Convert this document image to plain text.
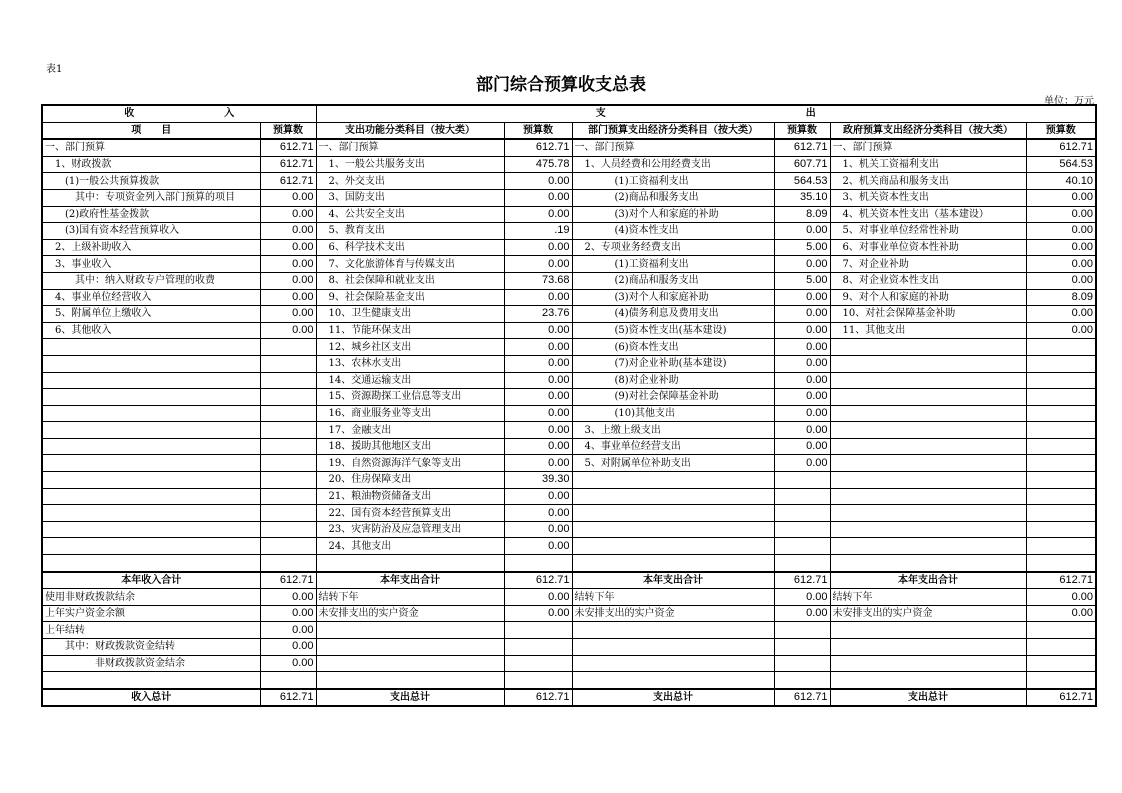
表1
部门综合预算收支总表
单位：万元
收　　　　　　　　　入		支　　　　　　　　　　　　　　　　　　　　出					
项　　目	预算数	支出功能分类科目（按大类）	预算数	部门预算支出经济分类科目（按大类）	预算数	政府预算支出经济分类科目（按大类）	预算数
一、部门预算	612.71	一、部门预算	612.71	一、部门预算	612.71	一、部门预算	612.71
　1、财政拨款	612.71	　1、一般公共服务支出	475.78	　1、人员经费和公用经费支出	607.71	　1、机关工资福利支出	564.53
　　(1)一般公共预算拨款	612.71	　2、外交支出	0.00	　　　　(1)工资福利支出	564.53	　2、机关商品和服务支出	40.10
　　　其中：专项资金列入部门预算的项目	0.00	　3、国防支出	0.00	　　　　(2)商品和服务支出	35.10	　3、机关资本性支出	0.00
　　(2)政府性基金拨款	0.00	　4、公共安全支出	0.00	　　　　(3)对个人和家庭的补助	8.09	　4、机关资本性支出（基本建设）	0.00
　　(3)国有资本经营预算收入	0.00	　5、教育支出	.19	　　　　(4)资本性支出	0.00	　5、对事业单位经常性补助	0.00
　2、上级补助收入	0.00	　6、科学技术支出	0.00	　2、专项业务经费支出	5.00	　6、对事业单位资本性补助	0.00
　3、事业收入	0.00	　7、文化旅游体育与传媒支出	0.00	　　　　(1)工资福利支出	0.00	　7、对企业补助	0.00
　　　其中：纳入财政专户管理的收费	0.00	　8、社会保障和就业支出	73.68	　　　　(2)商品和服务支出	5.00	　8、对企业资本性支出	0.00
　4、事业单位经营收入	0.00	　9、社会保险基金支出	0.00	　　　　(3)对个人和家庭补助	0.00	　9、对个人和家庭的补助	8.09
　5、附属单位上缴收入	0.00	　10、卫生健康支出	23.76	　　　　(4)债务利息及费用支出	0.00	　10、对社会保障基金补助	0.00
　6、其他收入	0.00	　11、节能环保支出	0.00	　　　　(5)资本性支出(基本建设)	0.00	　11、其他支出	0.00
		　12、城乡社区支出	0.00	　　　　(6)资本性支出	0.00		
		　13、农林水支出	0.00	　　　　(7)对企业补助(基本建设)	0.00		
		　14、交通运输支出	0.00	　　　　(8)对企业补助	0.00		
		　15、资源勘探工业信息等支出	0.00	　　　　(9)对社会保障基金补助	0.00		
		　16、商业服务业等支出	0.00	　　　　(10)其他支出	0.00		
		　17、金融支出	0.00	　3、上缴上级支出	0.00		
		　18、援助其他地区支出	0.00	　4、事业单位经营支出	0.00		
		　19、自然资源海洋气象等支出	0.00	　5、对附属单位补助支出	0.00		
		　20、住房保障支出	39.30				
		　21、粮油物资储备支出	0.00				
		　22、国有资本经营预算支出	0.00				
		　23、灾害防治及应急管理支出	0.00				
		　24、其他支出	0.00				

本年收入合计	612.71	本年支出合计	612.71	本年支出合计	612.71	本年支出合计	612.71
使用非财政拨款结余	0.00	结转下年	0.00	结转下年	0.00	结转下年	0.00
上年实户资金余额	0.00	未安排支出的实户资金	0.00	未安排支出的实户资金	0.00	未安排支出的实户资金	0.00
上年结转	0.00						
　　其中：财政拨款资金结转	0.00						
　　　　　非财政拨款资金结余	0.00						

收入总计	612.71	支出总计	612.71	支出总计	612.71	支出总计	612.71
